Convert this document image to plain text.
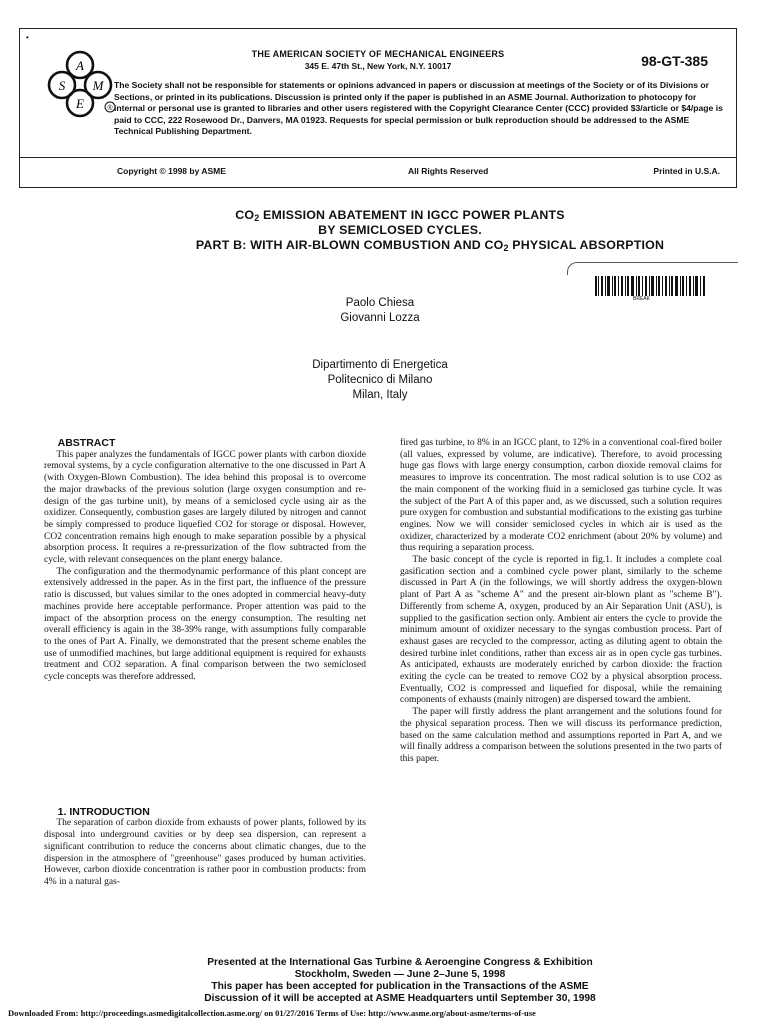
•
A
S M
E	®
THE AMERICAN SOCIETY OF MECHANICAL ENGINEERS
345 E. 47th St., New York, N.Y. 10017	98-GT-385
The Society shall not be responsible for statements or opinions advanced in papers or discussion at meetings of the Society or of its Divisions or Sections, or printed in its publications. Discussion is printed only if the paper is published in an ASME Journal. Authorization to photocopy for internal or personal use is granted to libraries and other users registered with the Copyright Clearance Center (CCC) provided $3/article or $4/page is paid to CCC, 222 Rosewood Dr., Danvers, MA 01923. Requests for special permission or bulk reproduction should be addressed to the ASME Technical Publishing Department.
Copyright © 1998 by ASME	All Rights Reserved	Printed in U.S.A.
$CO_2$ EMISSION ABATEMENT IN IGCC POWER PLANTS
BY SEMICLOSED CYCLES.
PART B: WITH AIR-BLOWN COMBUSTION AND $CO_2$ PHYSICAL ABSORPTION
BREAK
Paolo Chiesa
Giovanni Lozza
Dipartimento di Energetica
Politecnico di Milano
Milan, Italy

ABSTRACT

This paper analyzes the fundamentals of IGCC power plants with carbon dioxide removal systems, by a cycle configuration alternative to the one discussed in Part A (with Oxygen-Blown Combustion). The idea behind this proposal is to overcome the major drawbacks of the previous solution (large oxygen consumption and re-design of the gas turbine unit), by means of a semiclosed cycle using air as the oxidizer. Consequently, combustion gases are largely diluted by nitrogen and cannot be simply compressed to produce liquefied CO2 for storage or disposal. However, CO2 concentration remains high enough to make separation possible by a physical absorption process. It requires a re-pressurization of the flow subtracted from the cycle, with relevant consequences on the plant energy balance.

The configuration and the thermodynamic performance of this plant concept are extensively addressed in the paper. As in the first part, the influence of the pressure ratio is discussed, but values similar to the ones adopted in commercial heavy-duty machines provide here acceptable performance. Proper attention was paid to the impact of the absorption process on the energy consumption. The resulting net overall efficiency is again in the 38-39% range, with assumptions fully comparable to the ones of Part A. Finally, we demonstrated that the present scheme enables the use of unmodified machines, but large additional equipment is required for exhausts treatment and CO2 separation. A final comparison between the two semiclosed cycle concepts was therefore addressed.

1. INTRODUCTION

The separation of carbon dioxide from exhausts of power plants, followed by its disposal into underground cavities or by deep sea dispersion, can represent a significant contribution to reduce the concerns about climatic changes, due to the dispersion in the atmosphere of "greenhouse" gases produced by human activities. However, carbon dioxide concentration is rather poor in combustion products: from 4% in a natural gas-

fired gas turbine, to 8% in an IGCC plant, to 12% in a conventional coal-fired boiler (all values, expressed by volume, are indicative). Therefore, to avoid processing huge gas flows with large energy consumption, carbon dioxide removal claims for measures to improve its concentration. The most radical solution is to use CO2 as the main component of the working fluid in a semiclosed gas turbine cycle. It was the subject of the Part A of this paper and, as we discussed, such a solution requires pure oxygen for combustion and substantial modifications to the existing gas turbine engines. Now we will consider semiclosed cycles in which air is used as the oxidizer, characterized by a moderate CO2 enrichment (about 20% by volume) and thus requiring a separation process.

The basic concept of the cycle is reported in fig.1. It includes a complete coal gasification section and a combined cycle power plant, similarly to the scheme discussed in Part A (in the followings, we will shortly address the oxygen-blown plant of Part A as "scheme A" and the present air-blown plant as "scheme B"). Differently from scheme A, oxygen, produced by an Air Separation Unit (ASU), is supplied to the gasification section only. Ambient air enters the cycle to provide the minimum amount of oxidizer necessary to the syngas combustion process. Part of exhaust gases are recycled to the compressor, acting as diluting agent to obtain the desired turbine inlet conditions, rather than excess air as in open cycle gas turbines. As anticipated, exhausts are moderately enriched by carbon dioxide: the fraction exiting the cycle can be treated to remove CO2 by a physical absorption process. Eventually, CO2 is compressed and liquefied for disposal, while the remaining components of exhausts (mainly nitrogen) are dispersed toward the ambient.

The paper will firstly address the plant arrangement and the solutions found for the physical separation process. Then we will discuss its performance prediction, based on the same calculation method and assumptions reported in Part A, and we will finally address a comparison between the solutions presented in the two parts of this paper.

Presented at the International Gas Turbine & Aeroengine Congress & Exhibition
Stockholm, Sweden — June 2–June 5, 1998
This paper has been accepted for publication in the Transactions of the ASME
Discussion of it will be accepted at ASME Headquarters until September 30, 1998
Downloaded From: http://proceedings.asmedigitalcollection.asme.org/ on 01/27/2016 Terms of Use: http://www.asme.org/about-asme/terms-of-use
